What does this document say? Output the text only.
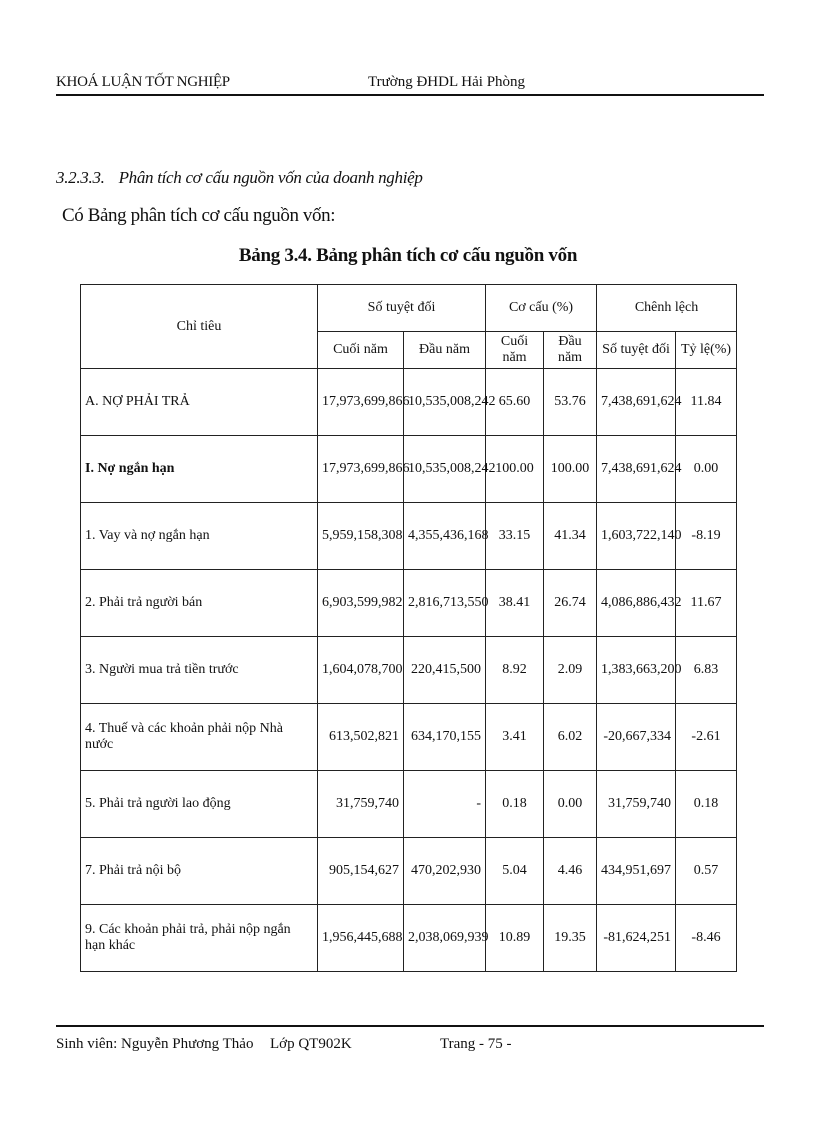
KHOÁ LUẬN TỐT NGHIỆP	Trường ĐHDL Hải Phòng
3.2.3.3. Phân tích cơ cấu nguồn vốn của doanh nghiệp
Có Bảng phân tích cơ cấu nguồn vốn:
Bảng 3.4. Bảng phân tích cơ cấu nguồn vốn
Chỉ tiêu	Số tuyệt đối		Cơ cấu (%)		Chênh lệch	
	Cuối năm	Đầu năm	Cuối năm	Đầu năm	Số tuyệt đối	Tỷ lệ(%)
A. NỢ PHẢI TRẢ	17,973,699,866	10,535,008,242	65.60	53.76	7,438,691,624	11.84
I. Nợ ngắn hạn	17,973,699,866	10,535,008,242	100.00	100.00	7,438,691,624	0.00
1. Vay và nợ ngắn hạn	5,959,158,308	4,355,436,168	33.15	41.34	1,603,722,140	-8.19
2. Phải trả người bán	6,903,599,982	2,816,713,550	38.41	26.74	4,086,886,432	11.67
3. Người mua trả tiền trước	1,604,078,700	220,415,500	8.92	2.09	1,383,663,200	6.83
4. Thuế và các khoản phải nộp Nhà nước	613,502,821	634,170,155	3.41	6.02	-20,667,334	-2.61
5. Phải trả người lao động	31,759,740	-	0.18	0.00	31,759,740	0.18
7. Phải trả nội bộ	905,154,627	470,202,930	5.04	4.46	434,951,697	0.57
9. Các khoản phải trả, phải nộp ngắn hạn khác	1,956,445,688	2,038,069,939	10.89	19.35	-81,624,251	-8.46
Sinh viên: Nguyễn Phương Thảo Lớp QT902K	Trang - 75 -
